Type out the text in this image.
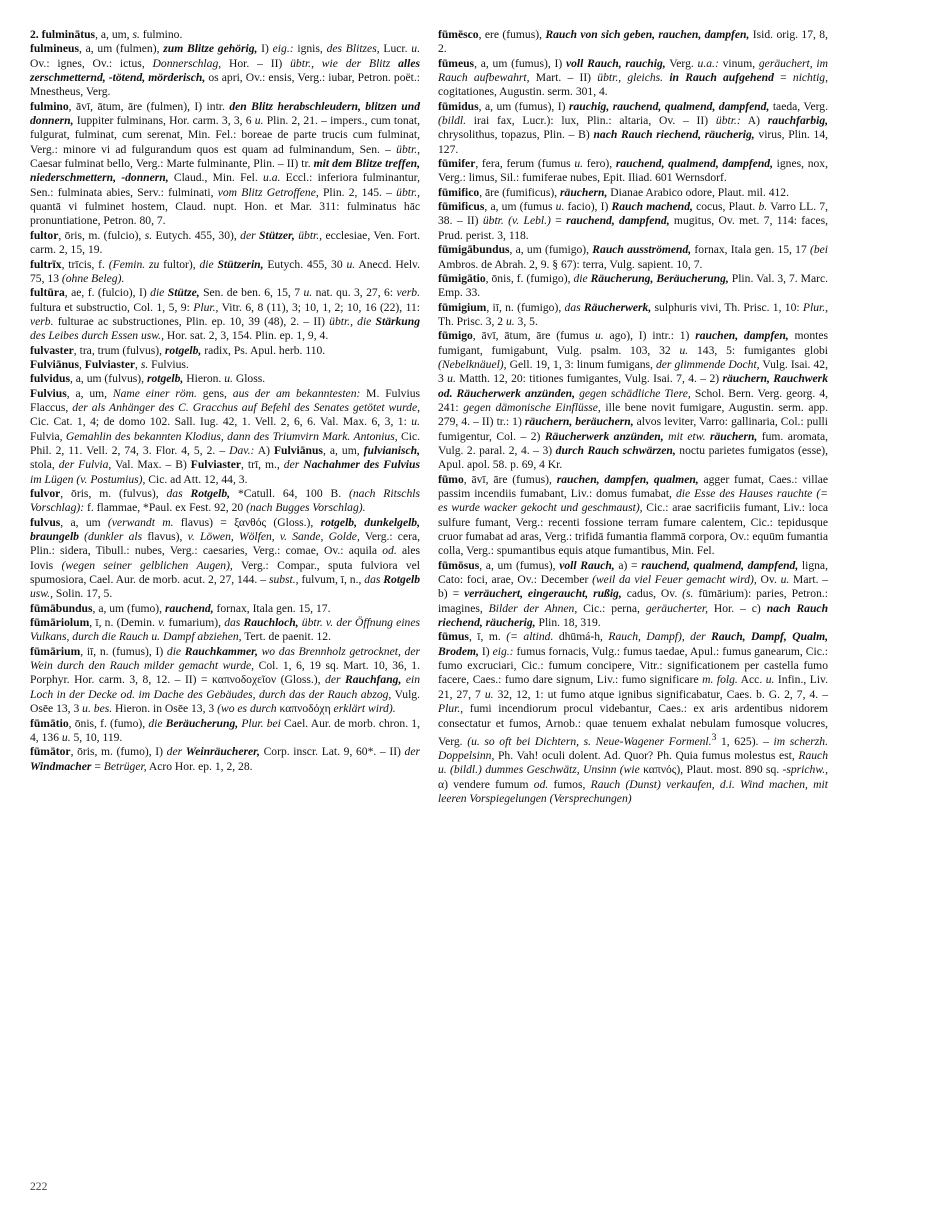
2. fulminātus, a, um, s. fulmino.

fulmineus, a, um (fulmen), zum Blitze gehörig, I) eig.: ignis, des Blitzes, Lucr. u. Ov.: ignes, Ov.: ictus, Donnerschlag, Hor. – II) übtr., wie der Blitz alles zerschmetternd, -tötend, mörderisch, os apri, Ov.: ensis, Verg.: iubar, Petron. poët.: Mnestheus, Verg.

fulmino, āvī, ātum, āre (fulmen), I) intr. den Blitz herabschleudern, blitzen und donnern, Iuppiter fulminans, Hor. carm. 3, 3, 6 u. Plin. 2, 21. – impers., cum tonat, fulgurat, fulminat, cum serenat, Min. Fel.: boreae de parte trucis cum fulminat, Verg.: minore vi ad fulgurandum quos est quam ad fulminandum, Sen. – übtr., Caesar fulminat bello, Verg.: Marte fulminante, Plin. – II) tr. mit dem Blitze treffen, niederschmettern, -donnern, Claud., Min. Fel. u.a. Eccl.: inferiora fulminantur, Sen.: fulminata abies, Serv.: fulminati, vom Blitz Getroffene, Plin. 2, 145. – übtr., quantā vi fulminet hostem, Claud. nupt. Hon. et Mar. 311: fulminatus hāc pronuntiatione, Petron. 80, 7.

fultor, ōris, m. (fulcio), s. Eutych. 455, 30), der Stützer, übtr., ecclesiae, Ven. Fort. carm. 2, 15, 19.

fultrīx, trīcis, f. (Femin. zu fultor), die Stützerin, Eutych. 455, 30 u. Anecd. Helv. 75, 13 (ohne Beleg).

fultūra, ae, f. (fulcio), I) die Stütze, Sen. de ben. 6, 15, 7 u. nat. qu. 3, 27, 6: verb. fultura et substructio, Col. 1, 5, 9: Plur., Vitr. 6, 8 (11), 3; 10, 1, 2; 10, 16 (22), 11: verb. fulturae ac substructiones, Plin. ep. 10, 39 (48), 2. – II) übtr., die Stärkung des Leibes durch Essen usw., Hor. sat. 2, 3, 154. Plin. ep. 1, 9, 4.

fulvaster, tra, trum (fulvus), rotgelb, radix, Ps. Apul. herb. 110.

Fulviānus, Fulviaster, s. Fulvius.

fulvidus, a, um (fulvus), rotgelb, Hieron. u. Gloss.

Fulvius, a, um, Name einer röm. gens, aus der am bekanntesten: M. Fulvius Flaccus, der als Anhänger des C. Gracchus auf Befehl des Senates getötet wurde, Cic. Cat. 1, 4; de domo 102. Sall. Iug. 42, 1. Vell. 2, 6, 6. Val. Max. 6, 3, 1: u. Fulvia, Gemahlin des bekannten Klodius, dann des Triumvirn Mark. Antonius, Cic. Phil. 2, 11. Vell. 2, 74, 3. Flor. 4, 5, 2. – Dav.: A) Fulviānus, a, um, fulvianisch, stola, der Fulvia, Val. Max. – B) Fulviaster, trī, m., der Nachahmer des Fulvius im Lügen (v. Postumius), Cic. ad Att. 12, 44, 3.

fulvor, ōris, m. (fulvus), das Rotgelb, *Catull. 64, 100 B. (nach Ritschls Vorschlag): f. flammae, *Paul. ex Fest. 92, 20 (nach Bugges Vorschlag).

fulvus, a, um (verwandt m. flavus) = ξανθός (Gloss.), rotgelb, dunkelgelb, braungelb (dunkler als flavus), v. Löwen, Wölfen, v. Sande, Golde, Verg.: cera, Plin.: sidera, Tibull.: nubes, Verg.: caesaries, Verg.: comae, Ov.: aquila od. ales Iovis (wegen seiner gelblichen Augen), Verg.: Compar., sputa fulviora vel spumosiora, Cael. Aur. de morb. acut. 2, 27, 144. – subst., fulvum, ī, n., das Rotgelb usw., Solin. 17, 5.

fūmābundus, a, um (fumo), rauchend, fornax, Itala gen. 15, 17.

fūmāriolum, ī, n. (Demin. v. fumarium), das Rauchloch, übtr. v. der Öffnung eines Vulkans, durch die Rauch u. Dampf abziehen, Tert. de paenit. 12.

fūmārium, iī, n. (fumus), I) die Rauchkammer, wo das Brennholz getrocknet, der Wein durch den Rauch milder gemacht wurde, Col. 1, 6, 19 sq. Mart. 10, 36, 1. Porphyr. Hor. carm. 3, 8, 12. – II) = καπνοδοχεῖον (Gloss.), der Rauchfang, ein Loch in der Decke od. im Dache des Gebäudes, durch das der Rauch abzog, Vulg. Osēe 13, 3 u. bes. Hieron. in Osēe 13, 3 (wo es durch καπνοδόχη erklärt wird).

fūmātio, ōnis, f. (fumo), die Beräucherung, Plur. bei Cael. Aur. de morb. chron. 1, 4, 136 u. 5, 10, 119.

fūmātor, ōris, m. (fumo), I) der Weinräucherer, Corp. inscr. Lat. 9, 60*. – II) der Windmacher = Betrüger, Acro Hor. ep. 1, 2, 28.

fūmēsco, ere (fumus), Rauch von sich geben, rauchen, dampfen, Isid. orig. 17, 8, 2.

fūmeus, a, um (fumus), I) voll Rauch, rauchig, Verg. u.a.: vinum, geräuchert, im Rauch aufbewahrt, Mart. – II) übtr., gleichs. in Rauch aufgehend = nichtig, cogitationes, Augustin. serm. 301, 4.

fūmidus, a, um (fumus), I) rauchig, rauchend, qualmend, dampfend, taeda, Verg. (bildl. irai fax, Lucr.): lux, Plin.: altaria, Ov. – II) übtr.: A) rauchfarbig, chrysolithus, topazus, Plin. – B) nach Rauch riechend, räucherig, virus, Plin. 14, 127.

fūmifer, fera, ferum (fumus u. fero), rauchend, qualmend, dampfend, ignes, nox, Verg.: limus, Sil.: fumiferae nubes, Epit. Iliad. 601 Wernsdorf.

fūmifico, āre (fumificus), räuchern, Dianae Arabico odore, Plaut. mil. 412.

fūmificus, a, um (fumus u. facio), I) Rauch machend, cocus, Plaut. b. Varro LL. 7, 38. – II) übtr. (v. Lebl.) = rauchend, dampfend, mugitus, Ov. met. 7, 114: faces, Prud. perist. 3, 118.

fūmigābundus, a, um (fumigo), Rauch ausströmend, fornax, Itala gen. 15, 17 (bei Ambros. de Abrah. 2, 9. § 67): terra, Vulg. sapient. 10, 7.

fūmigātio, ōnis, f. (fumigo), die Räucherung, Beräucherung, Plin. Val. 3, 7. Marc. Emp. 33.

fūmigium, iī, n. (fumigo), das Räucherwerk, sulphuris vivi, Th. Prisc. 1, 10: Plur., Th. Prisc. 3, 2 u. 3, 5.

fūmigo, āvī, ātum, āre (fumus u. ago), I) intr.: 1) rauchen, dampfen, montes fumigant, fumigabunt, Vulg. psalm. 103, 32 u. 143, 5: fumigantes globi (Nebelknäuel), Gell. 19, 1, 3: linum fumigans, der glimmende Docht, Vulg. Isai. 42, 3 u. Matth. 12, 20: titiones fumigantes, Vulg. Isai. 7, 4. – 2) räuchern, Rauchwerk od. Räucherwerk anzünden, gegen schädliche Tiere, Schol. Bern. Verg. georg. 4, 241: gegen dämonische Einflüsse, ille bene novit fumigare, Augustin. serm. app. 279, 4. – II) tr.: 1) räuchern, beräuchern, alvos leviter, Varro: gallinaria, Col.: pulli fumigentur, Col. – 2) Räucherwerk anzünden, mit etw. räuchern, fum. aromata, Vulg. 2. paral. 2, 4. – 3) durch Rauch schwärzen, noctu parietes fumigatos (esse), Apul. apol. 58. p. 69, 4 Kr.

fūmo, āvī, āre (fumus), rauchen, dampfen, qualmen, agger fumat, Caes.: villae passim incendiis fumabant, Liv.: domus fumabat, die Esse des Hauses rauchte (= es wurde wacker gekocht und geschmaust), Cic.: arae sacrificiis fumant, Liv.: loca sulfure fumant, Verg.: recenti fossione terram fumare calentem, Cic.: tepidusque cruor fumabat ad aras, Verg.: trifidā fumantia flammā corpora, Ov.: equūm fumantia colla, Verg.: spumantibus equis atque fumantibus, Min. Fel.

fūmōsus, a, um (fumus), voll Rauch, a) = rauchend, qualmend, dampfend, ligna, Cato: foci, arae, Ov.: December (weil da viel Feuer gemacht wird), Ov. u. Mart. – b) = verräuchert, eingeraucht, rußig, cadus, Ov. (s. fūmārium): paries, Petron.: imagines, Bilder der Ahnen, Cic.: perna, geräucherter, Hor. – c) nach Rauch riechend, räucherig, Plin. 18, 319.

fūmus, ī, m. (= altind. dhūmá-h, Rauch, Dampf), der Rauch, Dampf, Qualm, Brodem, I) eig.: fumus fornacis, Vulg.: fumus taedae, Apul.: fumus ganearum, Cic.: fumo excruciari, Cic.: fumum concipere, Vitr.: significationem per castella fumo facere, Caes.: fumo dare signum, Liv.: fumo significare m. folg. Acc. u. Infin., Liv. 21, 27, 7 u. 32, 12, 1: ut fumo atque ignibus significabatur, Caes. b. G. 2, 7, 4. – Plur., fumi incendiorum procul videbantur, Caes.: ex aris ardentibus nidorem consectatur et fumos, Arnob.: quae tenuem exhalat nebulam fumosque volucres, Verg. (u. so oft bei Dichtern, s. Neue-Wagener Formenl.$^3$ 1, 625). – im scherzh. Doppelsinn, Ph. Vah! oculi dolent. Ad. Quor? Ph. Quia fumus molestus est, Rauch u. (bildl.) dummes Geschwätz, Unsinn (wie καπνός), Plaut. most. 890 sq. -sprichw., α) vendere fumum od. fumos, Rauch (Dunst) verkaufen, d.i. Wind machen, mit leeren Vorspiegelungen (Versprechungen)

222
